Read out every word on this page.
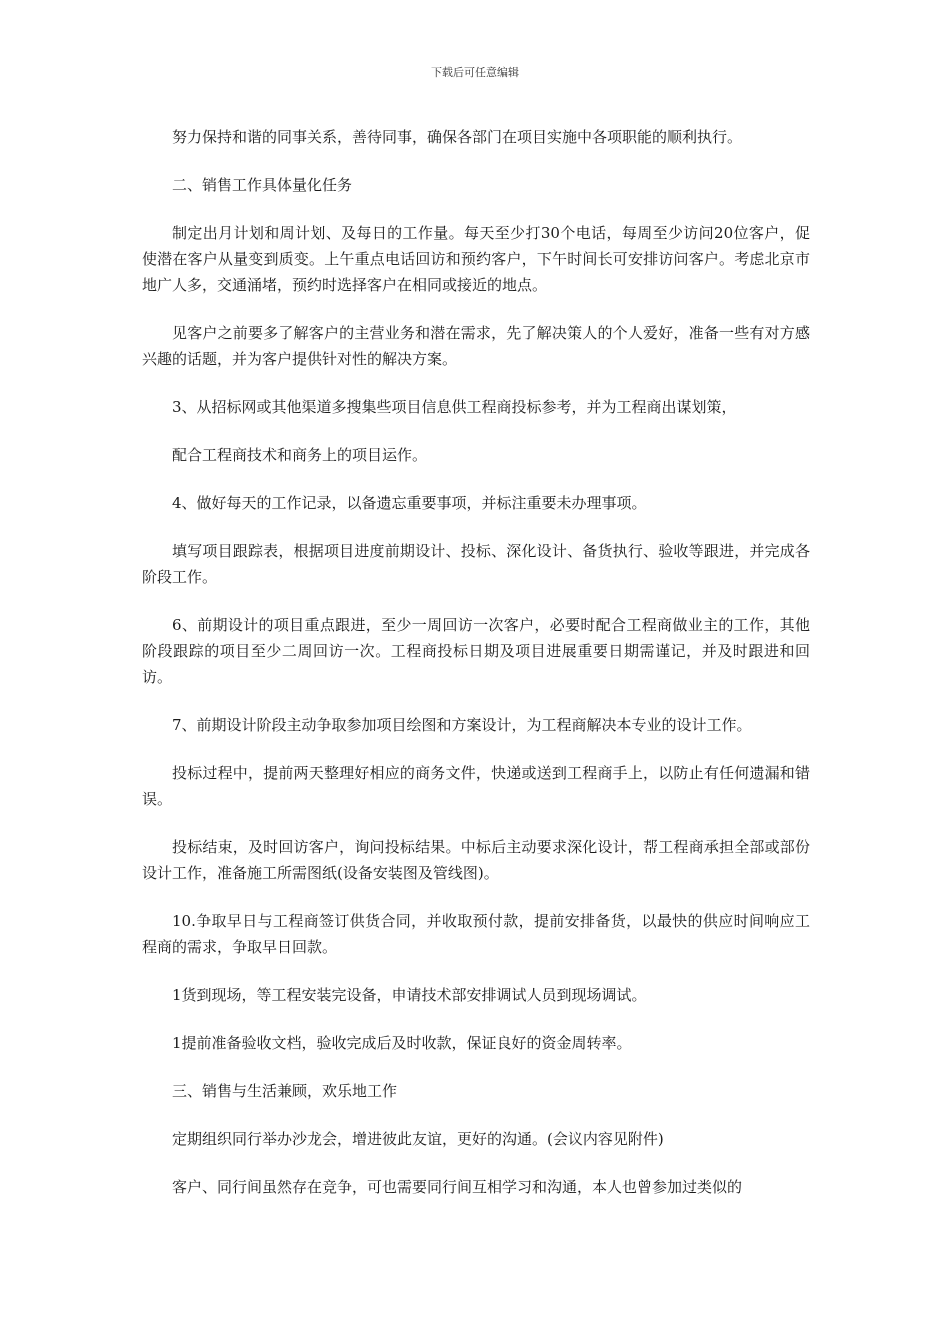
下载后可任意编辑

努力保持和谐的同事关系，善待同事，确保各部门在项目实施中各项职能的顺利执行。

二、销售工作具体量化任务

制定出月计划和周计划、及每日的工作量。每天至少打30个电话，每周至少访问20位客户，促使潜在客户从量变到质变。上午重点电话回访和预约客户，下午时间长可安排访问客户。考虑北京市地广人多，交通涌堵，预约时选择客户在相同或接近的地点。

见客户之前要多了解客户的主营业务和潜在需求，先了解决策人的个人爱好，准备一些有对方感兴趣的话题，并为客户提供针对性的解决方案。

3、从招标网或其他渠道多搜集些项目信息供工程商投标参考，并为工程商出谋划策，

配合工程商技术和商务上的项目运作。

4、做好每天的工作记录，以备遗忘重要事项，并标注重要未办理事项。

填写项目跟踪表，根据项目进度前期设计、投标、深化设计、备货执行、验收等跟进，并完成各阶段工作。

6、前期设计的项目重点跟进，至少一周回访一次客户，必要时配合工程商做业主的工作，其他阶段跟踪的项目至少二周回访一次。工程商投标日期及项目进展重要日期需谨记，并及时跟进和回访。

7、前期设计阶段主动争取参加项目绘图和方案设计，为工程商解决本专业的设计工作。

投标过程中，提前两天整理好相应的商务文件，快递或送到工程商手上，以防止有任何遗漏和错误。

投标结束，及时回访客户，询问投标结果。中标后主动要求深化设计，帮工程商承担全部或部份设计工作，准备施工所需图纸(设备安装图及管线图)。

10.争取早日与工程商签订供货合同，并收取预付款，提前安排备货，以最快的供应时间响应工程商的需求，争取早日回款。

1货到现场，等工程安装完设备，申请技术部安排调试人员到现场调试。

1提前准备验收文档，验收完成后及时收款，保证良好的资金周转率。

三、销售与生活兼顾，欢乐地工作

定期组织同行举办沙龙会，增进彼此友谊，更好的沟通。(会议内容见附件)

客户、同行间虽然存在竞争，可也需要同行间互相学习和沟通，本人也曾参加过类似的
